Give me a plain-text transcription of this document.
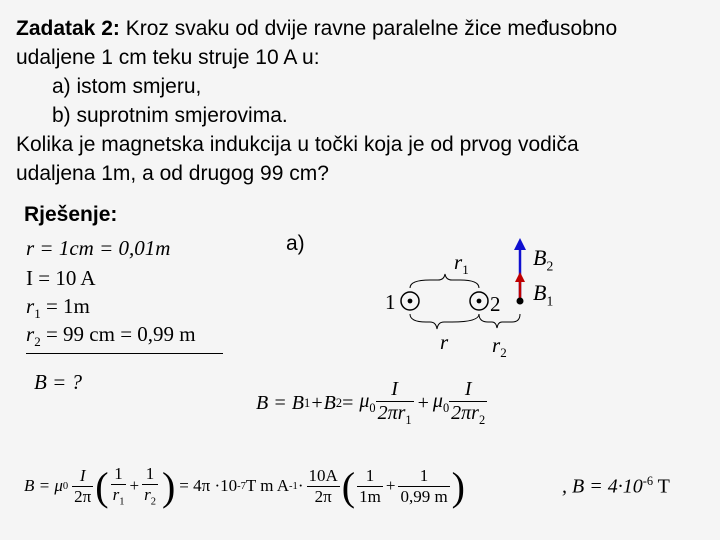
Zadatak 2: Kroz svaku od dvije ravne paralelne žice međusobno
udaljene 1 cm teku struje 10 A u:
a) istom smjeru,
b) suprotnim smjerovima.
Kolika je magnetska indukcija u točki koja je od prvog vodiča
udaljena 1m, a od drugog 99 cm?
Rješenje:
r = 1cm = 0,01m
I = 10 A
$r_1 = 1m$
$r_2 = 99$ cm = 0,99 m
B = ?
a)
1	2
$r_1$
r $r_2$
$B_2$
$B_1$
B = B 1 +B $2 = \mu_0 \frac{I}{2\pi r_1} + \mu_0 \frac{I}{2\pi r_2}$
B = μ $0 \frac{I}{2\pi}$ ( $\frac{1}{r_1} + \frac{1}{r_2}$ ) = 4π ·10 -7 T m A $-1 \cdot \frac{10A}{2\pi}$ ( $\frac{1}{1m} + \frac{1}{0,99 m}$ )	, $B = 4\cdot 10^{-6}$ T
